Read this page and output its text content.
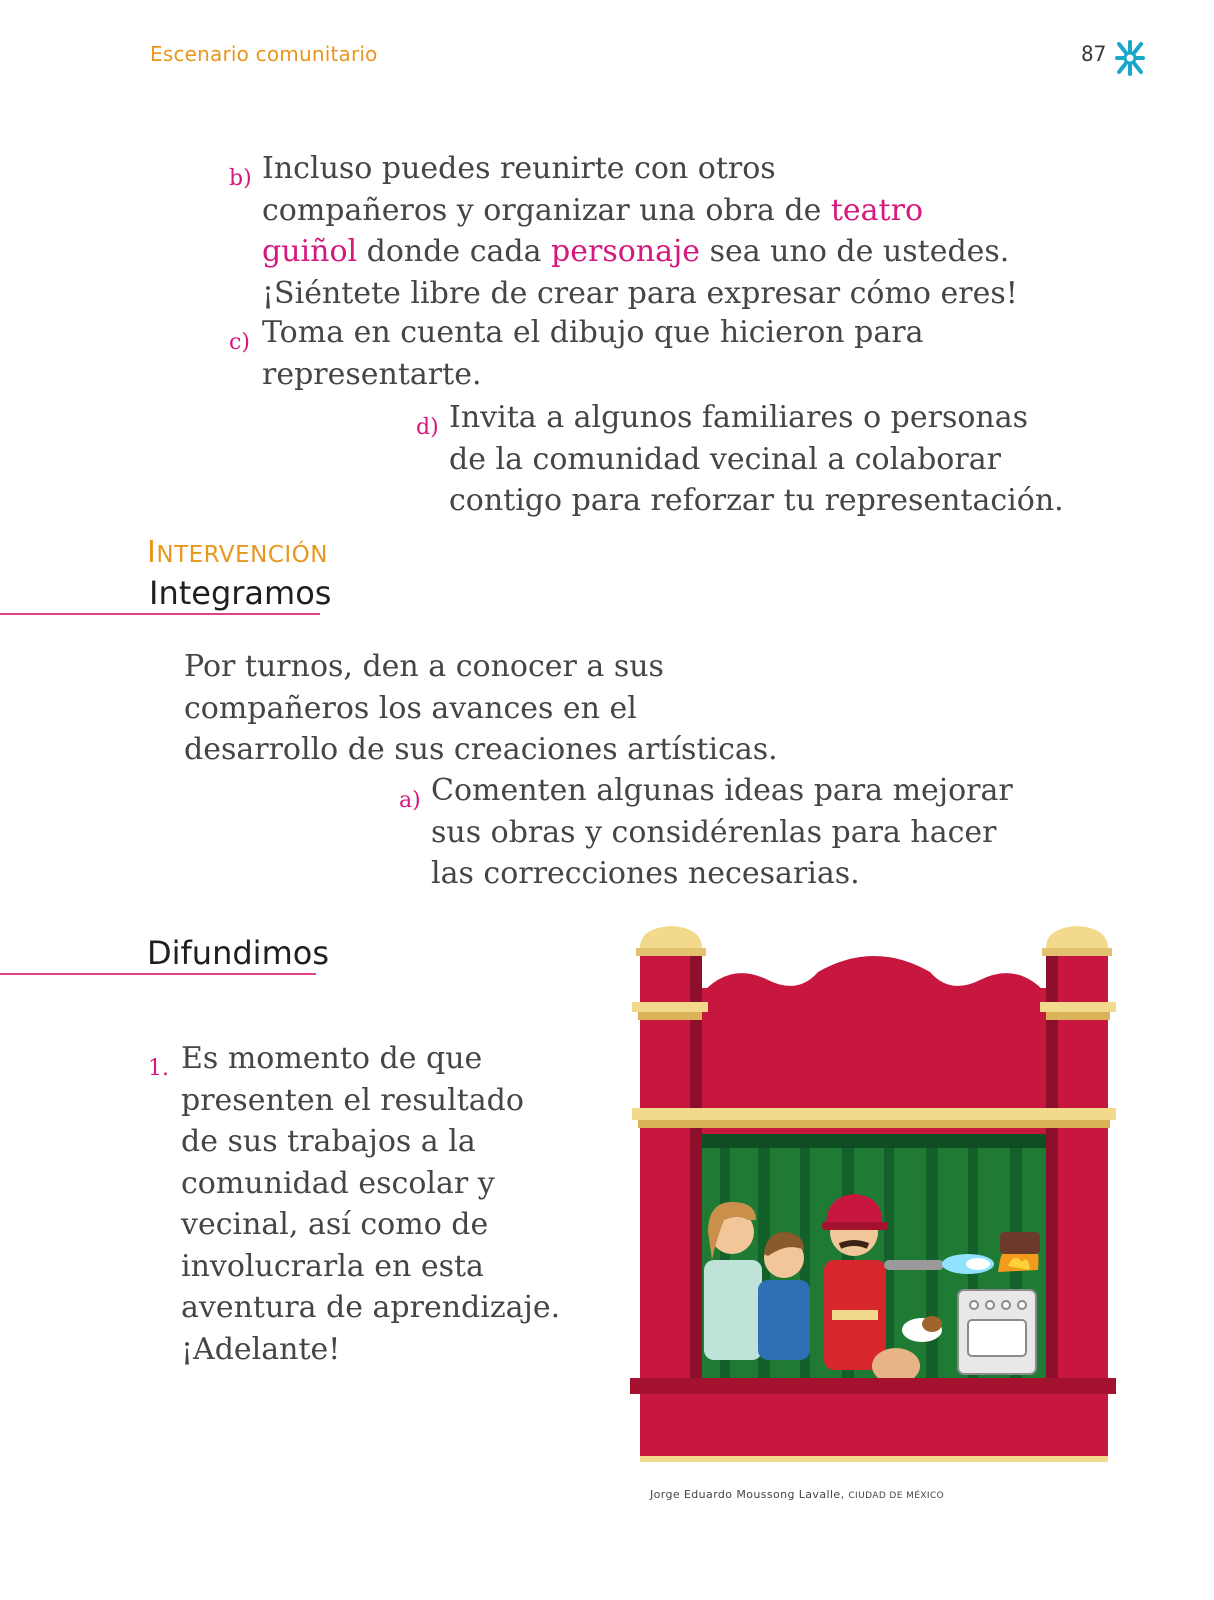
Escenario comunitario	87
b) Incluso puedes reunirte con otros
compañeros y organizar una obra de teatro
guiñol donde cada personaje sea uno de ustedes.
¡Siéntete libre de crear para expresar cómo eres!
c) Toma en cuenta el dibujo que hicieron para
representarte.
d) Invita a algunos familiares o personas
de la comunidad vecinal a colaborar
contigo para reforzar tu representación.
INTERVENCIÓN
Integramos
Por turnos, den a conocer a sus
compañeros los avances en el
desarrollo de sus creaciones artísticas.
a) Comenten algunas ideas para mejorar
sus obras y considérenlas para hacer
las correcciones necesarias.
Difundimos
1. Es momento de que
presenten el resultado
de sus trabajos a la
comunidad escolar y
vecinal, así como de
involucrarla en esta
aventura de aprendizaje.
¡Adelante!
Jorge Eduardo Moussong Lavalle, CIUDAD DE MÉXICO
